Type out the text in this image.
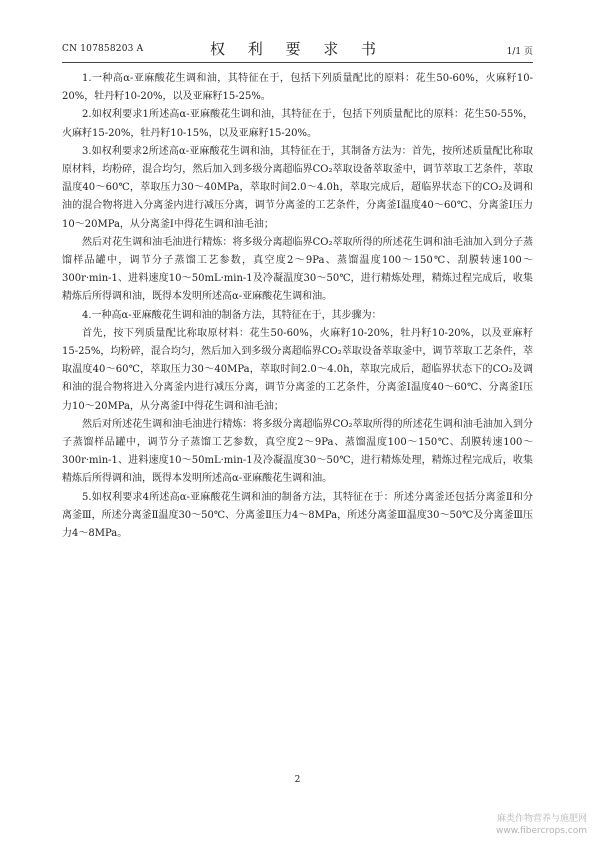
CN 107858203 A	权 利 要 求 书	1/1 页

1.一种高α-亚麻酸花生调和油，其特征在于，包括下列质量配比的原料：花生50-60%，火麻籽10-20%，牡丹籽10-20%，以及亚麻籽15-25%。

2.如权利要求1所述高α-亚麻酸花生调和油，其特征在于，包括下列质量配比的原料：花生50-55%，火麻籽15-20%，牡丹籽10-15%，以及亚麻籽15-20%。

3.如权利要求2所述高α-亚麻酸花生调和油，其特征在于，其制备方法为：首先，按所述质量配比称取原材料，均粉碎，混合均匀，然后加入到多级分离超临界CO₂萃取设备萃取釜中，调节萃取工艺条件，萃取温度40～60℃，萃取压力30～40MPa，萃取时间2.0～4.0h，萃取完成后，超临界状态下的CO₂及调和油的混合物将进入分离釜内进行减压分离，调节分离釜的工艺条件，分离釜Ⅰ温度40～60℃、分离釜Ⅰ压力10～20MPa，从分离釜Ⅰ中得花生调和油毛油；

然后对花生调和油毛油进行精炼：将多级分离超临界CO₂萃取所得的所述花生调和油毛油加入到分子蒸馏样品罐中，调节分子蒸馏工艺参数，真空度2～9Pa、蒸馏温度100～150℃、刮膜转速100～300r·min-1、进料速度10～50mL·min-1及冷凝温度30～50℃，进行精炼处理，精炼过程完成后，收集精炼后所得调和油，既得本发明所述高α-亚麻酸花生调和油。

4.一种高α-亚麻酸花生调和油的制备方法，其特征在于，其步骤为：

首先，按下列质量配比称取原材料：花生50-60%，火麻籽10-20%，牡丹籽10-20%，以及亚麻籽15-25%，均粉碎，混合均匀，然后加入到多级分离超临界CO₂萃取设备萃取釜中，调节萃取工艺条件，萃取温度40～60℃，萃取压力30～40MPa，萃取时间2.0～4.0h，萃取完成后，超临界状态下的CO₂及调和油的混合物将进入分离釜内进行减压分离，调节分离釜的工艺条件，分离釜Ⅰ温度40～60℃、分离釜Ⅰ压力10～20MPa，从分离釜Ⅰ中得花生调和油毛油；

然后对所述花生调和油毛油进行精炼：将多级分离超临界CO₂萃取所得的所述花生调和油毛油加入到分子蒸馏样品罐中，调节分子蒸馏工艺参数，真空度2～9Pa、蒸馏温度100～150℃、刮膜转速100～300r·min-1、进料速度10～50mL·min-1及冷凝温度30～50℃，进行精炼处理，精炼过程完成后，收集精炼后所得调和油，既得本发明所述高α-亚麻酸花生调和油。

5.如权利要求4所述高α-亚麻酸花生调和油的制备方法，其特征在于：所述分离釜还包括分离釜Ⅱ和分离釜Ⅲ，所述分离釜Ⅱ温度30～50℃、分离釜Ⅱ压力4～8MPa，所述分离釜Ⅲ温度30～50℃及分离釜Ⅲ压力4～8MPa。

2
麻类作物营养与施肥网
www.fibercrops.com
